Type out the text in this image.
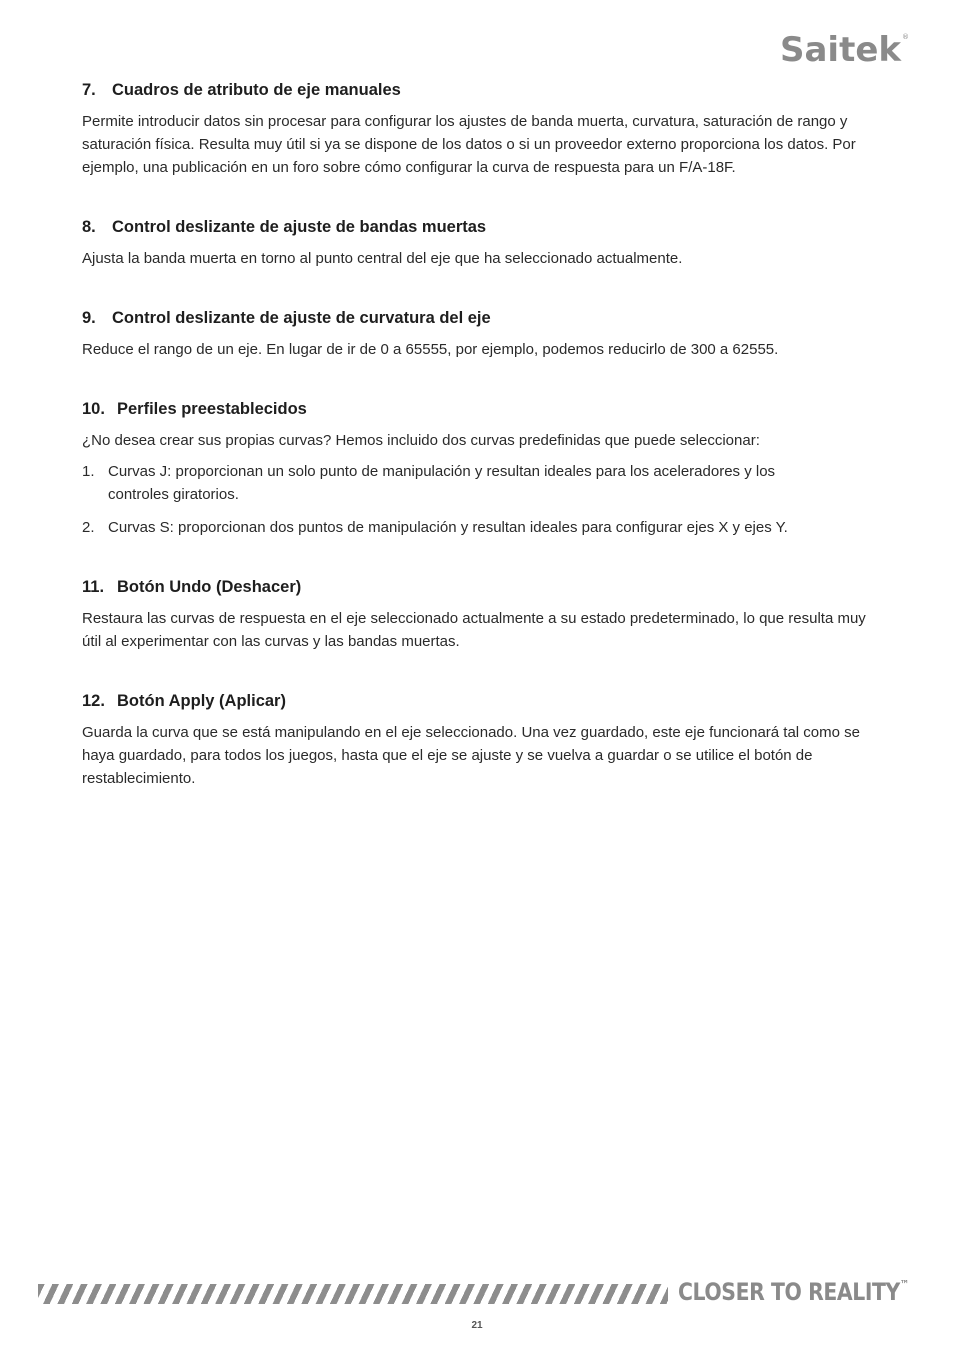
Saitek®
7. Cuadros de atributo de eje manuales

Permite introducir datos sin procesar para configurar los ajustes de banda muerta, curvatura, saturación de rango y saturación física. Resulta muy útil si ya se dispone de los datos o si un proveedor externo proporciona los datos. Por ejemplo, una publicación en un foro sobre cómo configurar la curva de respuesta para un F/A-18F.

8. Control deslizante de ajuste de bandas muertas

Ajusta la banda muerta en torno al punto central del eje que ha seleccionado actualmente.

9. Control deslizante de ajuste de curvatura del eje

Reduce el rango de un eje. En lugar de ir de 0 a 65555, por ejemplo, podemos reducirlo de 300 a 62555.

10. Perfiles preestablecidos

¿No desea crear sus propias curvas? Hemos incluido dos curvas predefinidas que puede seleccionar:

1. Curvas J: proporcionan un solo punto de manipulación y resultan ideales para los aceleradores y los controles giratorios.
2. Curvas S: proporcionan dos puntos de manipulación y resultan ideales para configurar ejes X y ejes Y.
11. Botón Undo (Deshacer)

Restaura las curvas de respuesta en el eje seleccionado actualmente a su estado predeterminado, lo que resulta muy útil al experimentar con las curvas y las bandas muertas.

12. Botón Apply (Aplicar)

Guarda la curva que se está manipulando en el eje seleccionado. Una vez guardado, este eje funcionará tal como se haya guardado, para todos los juegos, hasta que el eje se ajuste y se vuelva a guardar o se utilice el botón de restablecimiento.

CLOSER TO REALITY™
21
